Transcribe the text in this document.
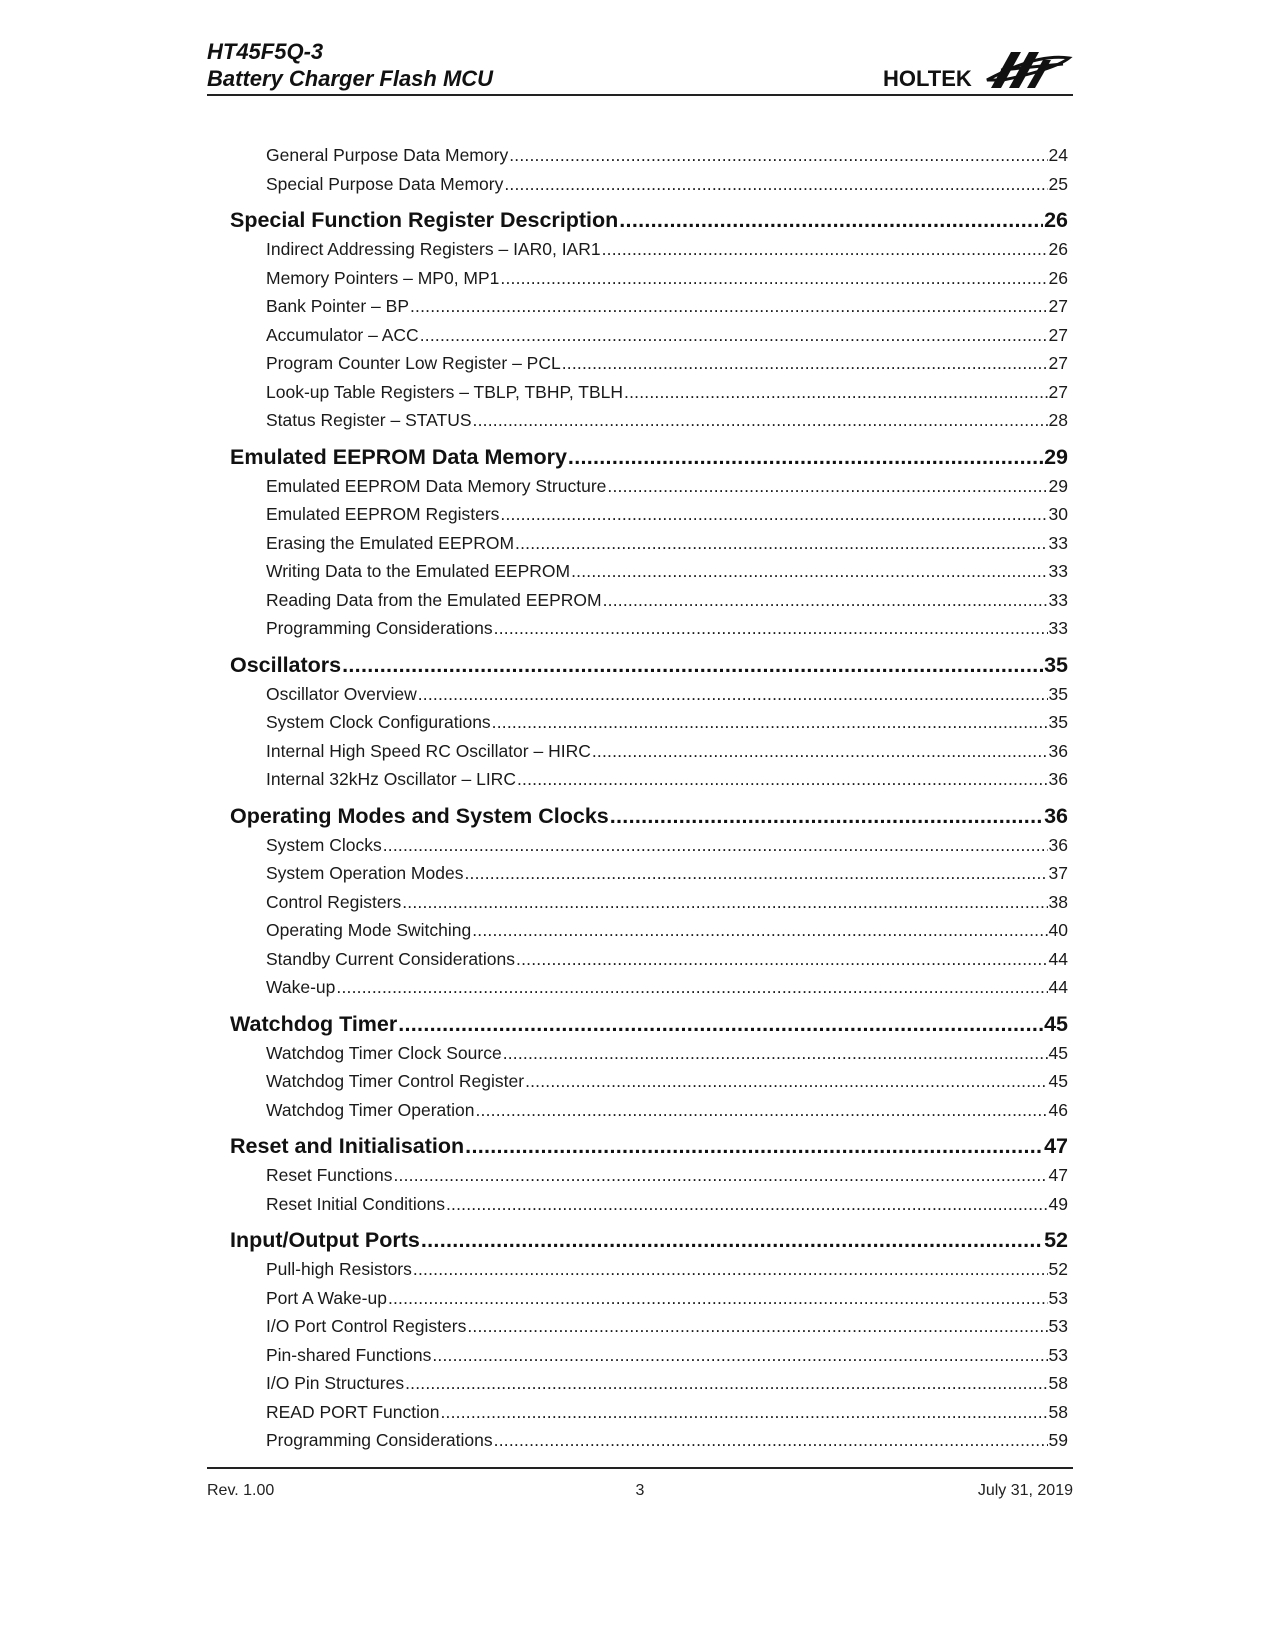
HT45F5Q-3
Battery Charger Flash MCU	HOLTEK
General Purpose Data Memory .....	24
Special Purpose Data Memory .....	25
Special Function Register Description .....	26
Indirect Addressing Registers – IAR0, IAR1 .....	26
Memory Pointers – MP0, MP1 .....	26
Bank Pointer – BP .....	27
Accumulator – ACC .....	27
Program Counter Low Register – PCL .....	27
Look-up Table Registers – TBLP, TBHP, TBLH .....	27
Status Register – STATUS .....	28
Emulated EEPROM Data Memory .....	29
Emulated EEPROM Data Memory Structure .....	29
Emulated EEPROM Registers .....	30
Erasing the Emulated EEPROM .....	33
Writing Data to the Emulated EEPROM .....	33
Reading Data from the Emulated EEPROM .....	33
Programming Considerations .....	33
Oscillators .....	35
Oscillator Overview .....	35
System Clock Configurations .....	35
Internal High Speed RC Oscillator – HIRC .....	36
Internal 32kHz Oscillator – LIRC .....	36
Operating Modes and System Clocks .....	36
System Clocks .....	36
System Operation Modes .....	37
Control Registers .....	38
Operating Mode Switching .....	40
Standby Current Considerations .....	44
Wake-up .....	44
Watchdog Timer .....	45
Watchdog Timer Clock Source .....	45
Watchdog Timer Control Register .....	45
Watchdog Timer Operation .....	46
Reset and Initialisation .....	47
Reset Functions .....	47
Reset Initial Conditions .....	49
Input/Output Ports .....	52
Pull-high Resistors .....	52
Port A Wake-up .....	53
I/O Port Control Registers .....	53
Pin-shared Functions .....	53
I/O Pin Structures .....	58
READ PORT Function .....	58
Programming Considerations .....	59
Rev. 1.00	3	July 31, 2019
